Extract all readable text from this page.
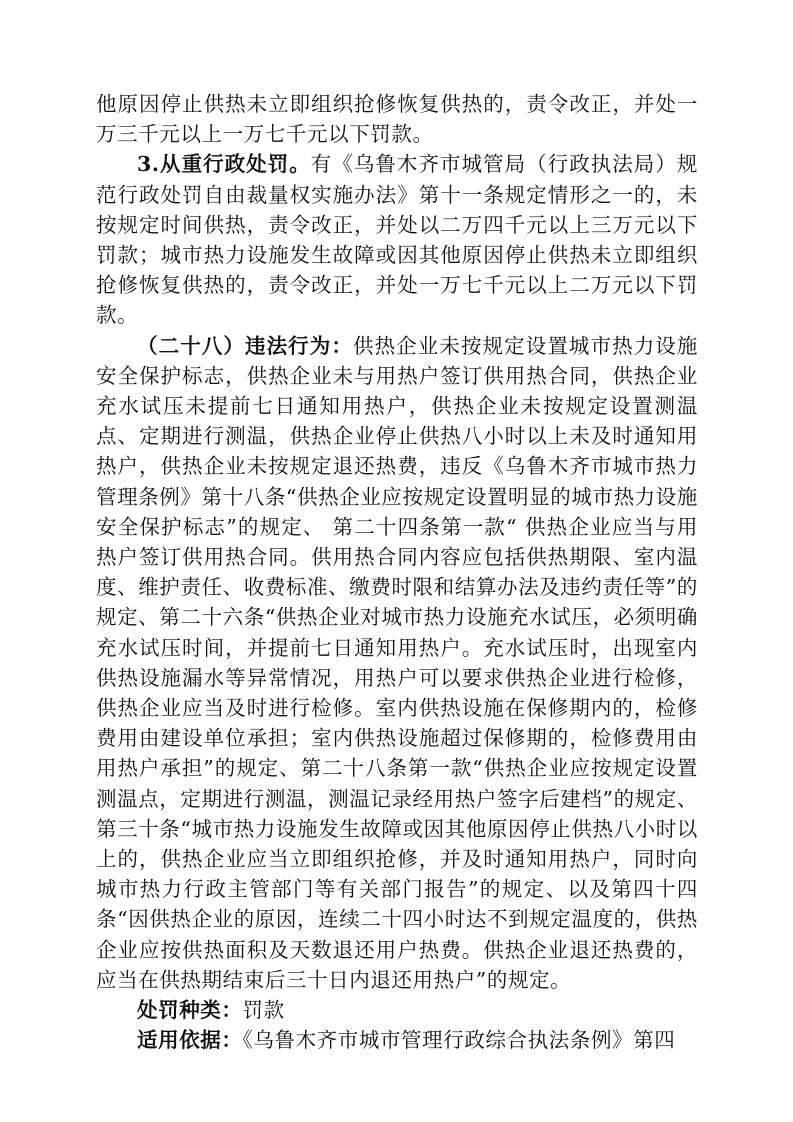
他原因停止供热未立即组织抢修恢复供热的，责令改正，并处一万三千元以上一万七千元以下罚款。

3.从重行政处罚。有《乌鲁木齐市城管局（行政执法局）规范行政处罚自由裁量权实施办法》第十一条规定情形之一的，未按规定时间供热，责令改正，并处以二万四千元以上三万元以下罚款；城市热力设施发生故障或因其他原因停止供热未立即组织抢修恢复供热的，责令改正，并处一万七千元以上二万元以下罚款。

（二十八）违法行为：供热企业未按规定设置城市热力设施安全保护标志，供热企业未与用热户签订供用热合同，供热企业充水试压未提前七日通知用热户，供热企业未按规定设置测温点、定期进行测温，供热企业停止供热八小时以上未及时通知用热户，供热企业未按规定退还热费，违反《乌鲁木齐市城市热力管理条例》第十八条“供热企业应按规定设置明显的城市热力设施安全保护标志”的规定、 第二十四条第一款“ 供热企业应当与用热户签订供用热合同。供用热合同内容应包括供热期限、室内温度、维护责任、收费标准、缴费时限和结算办法及违约责任等”的规定、第二十六条“供热企业对城市热力设施充水试压，必须明确充水试压时间，并提前七日通知用热户。充水试压时，出现室内供热设施漏水等异常情况，用热户可以要求供热企业进行检修，供热企业应当及时进行检修。室内供热设施在保修期内的，检修费用由建设单位承担；室内供热设施超过保修期的，检修费用由用热户承担”的规定、第二十八条第一款“供热企业应按规定设置测温点，定期进行测温，测温记录经用热户签字后建档”的规定、第三十条“城市热力设施发生故障或因其他原因停止供热八小时以上的，供热企业应当立即组织抢修，并及时通知用热户，同时向城市热力行政主管部门等有关部门报告”的规定、以及第四十四条“因供热企业的原因，连续二十四小时达不到规定温度的，供热企业应按供热面积及天数退还用户热费。供热企业退还热费的，应当在供热期结束后三十日内退还用热户”的规定。

处罚种类：罚款

适用依据：《乌鲁木齐市城市管理行政综合执法条例》第四
